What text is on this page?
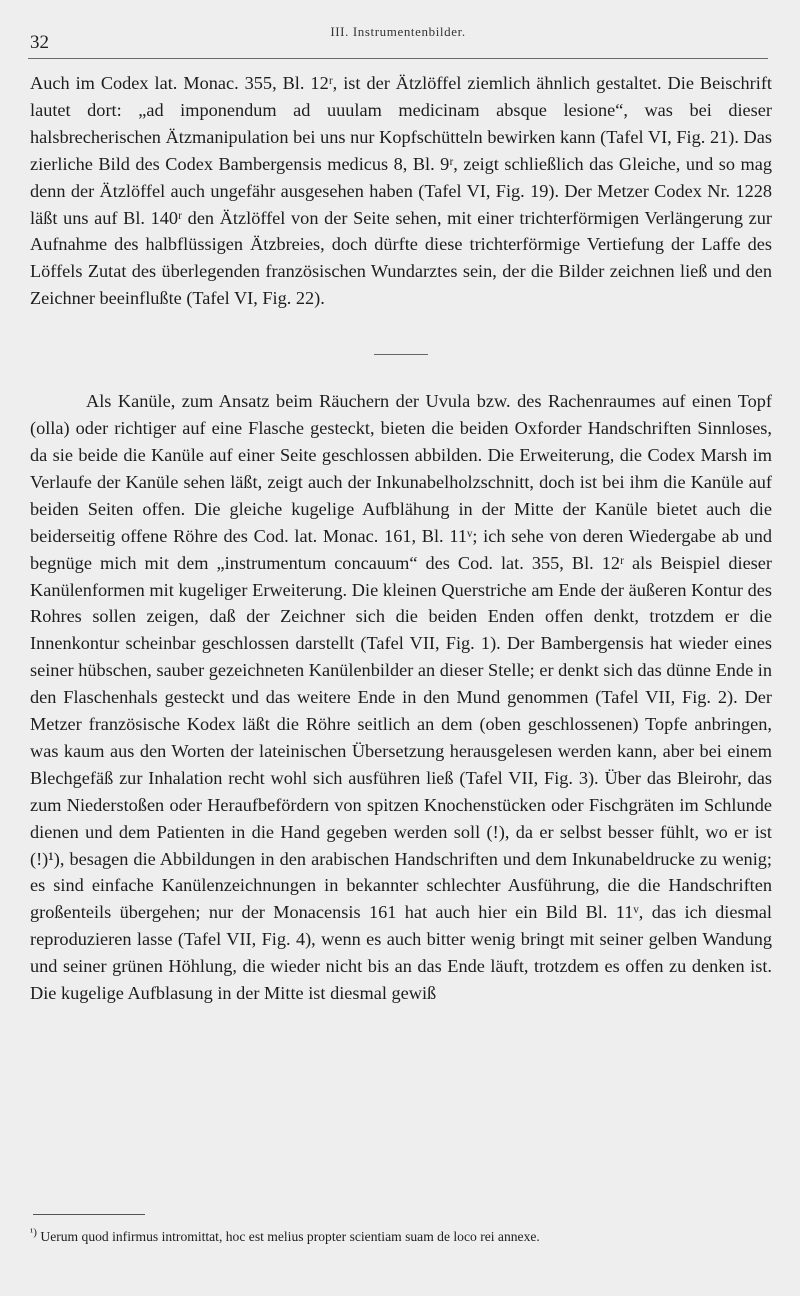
32
III. Instrumentenbilder.

Auch im Codex lat. Monac. 355, Bl. 12ʳ, ist der Ätzlöffel ziemlich ähnlich gestaltet. Die Beischrift lautet dort: „ad imponendum ad uuulam medicinam absque lesione“, was bei dieser halsbrecherischen Ätzmanipulation bei uns nur Kopfschütteln bewirken kann (Tafel VI, Fig. 21). Das zierliche Bild des Codex Bambergensis medicus 8, Bl. 9ʳ, zeigt schließlich das Gleiche, und so mag denn der Ätzlöffel auch ungefähr ausgesehen haben (Tafel VI, Fig. 19). Der Metzer Codex Nr. 1228 läßt uns auf Bl. 140ʳ den Ätzlöffel von der Seite sehen, mit einer trichterförmigen Verlängerung zur Aufnahme des halbflüssigen Ätzbreies, doch dürfte diese trichterförmige Vertiefung der Laffe des Löffels Zutat des überlegenden französischen Wundarztes sein, der die Bilder zeichnen ließ und den Zeichner beeinflußte (Tafel VI, Fig. 22).

Als Kanüle, zum Ansatz beim Räuchern der Uvula bzw. des Rachenraumes auf einen Topf (olla) oder richtiger auf eine Flasche gesteckt, bieten die beiden Oxforder Handschriften Sinnloses, da sie beide die Kanüle auf einer Seite geschlossen abbilden. Die Erweiterung, die Codex Marsh im Verlaufe der Kanüle sehen läßt, zeigt auch der Inkunabelholzschnitt, doch ist bei ihm die Kanüle auf beiden Seiten offen. Die gleiche kugelige Aufblähung in der Mitte der Kanüle bietet auch die beiderseitig offene Röhre des Cod. lat. Monac. 161, Bl. 11ᵛ; ich sehe von deren Wiedergabe ab und begnüge mich mit dem „instrumentum concauum“ des Cod. lat. 355, Bl. 12ʳ als Beispiel dieser Kanülenformen mit kugeliger Erweiterung. Die kleinen Querstriche am Ende der äußeren Kontur des Rohres sollen zeigen, daß der Zeichner sich die beiden Enden offen denkt, trotzdem er die Innenkontur scheinbar geschlossen darstellt (Tafel VII, Fig. 1). Der Bambergensis hat wieder eines seiner hübschen, sauber gezeichneten Kanülenbilder an dieser Stelle; er denkt sich das dünne Ende in den Flaschenhals gesteckt und das weitere Ende in den Mund genommen (Tafel VII, Fig. 2). Der Metzer französische Kodex läßt die Röhre seitlich an dem (oben geschlossenen) Topfe anbringen, was kaum aus den Worten der lateinischen Übersetzung herausgelesen werden kann, aber bei einem Blechgefäß zur Inhalation recht wohl sich ausführen ließ (Tafel VII, Fig. 3). Über das Bleirohr, das zum Niederstoßen oder Heraufbefördern von spitzen Knochenstücken oder Fischgräten im Schlunde dienen und dem Patienten in die Hand gegeben werden soll (!), da er selbst besser fühlt, wo er ist (!)¹), besagen die Abbildungen in den arabischen Handschriften und dem Inkunabeldrucke zu wenig; es sind einfache Kanülenzeichnungen in bekannter schlechter Ausführung, die die Handschriften großenteils übergehen; nur der Monacensis 161 hat auch hier ein Bild Bl. 11ᵛ, das ich diesmal reproduzieren lasse (Tafel VII, Fig. 4), wenn es auch bitter wenig bringt mit seiner gelben Wandung und seiner grünen Höhlung, die wieder nicht bis an das Ende läuft, trotzdem es offen zu denken ist. Die kugelige Aufblasung in der Mitte ist diesmal gewiß

$^{^1)}$ Uerum quod infirmus intromittat, hoc est melius propter scientiam suam de loco rei annexe.
